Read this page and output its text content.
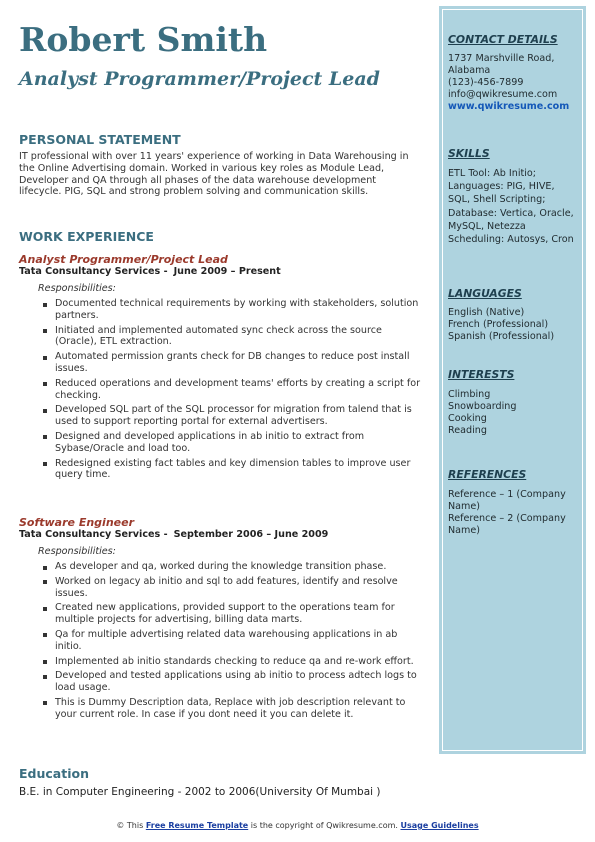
Robert Smith
Analyst Programmer/Project Lead
PERSONAL STATEMENT
IT professional with over 11 years' experience of working in Data Warehousing in the Online Advertising domain. Worked in various key roles as Module Lead, Developer and QA through all phases of the data warehouse development lifecycle. PIG, SQL and strong problem solving and communication skills.
WORK EXPERIENCE
Analyst Programmer/Project Lead
Tata Consultancy Services - June 2009 – Present
Responsibilities:
Documented technical requirements by working with stakeholders, solution partners.
Initiated and implemented automated sync check across the source (Oracle), ETL extraction.
Automated permission grants check for DB changes to reduce post install issues.
Reduced operations and development teams' efforts by creating a script for checking.
Developed SQL part of the SQL processor for migration from talend that is used to support reporting portal for external advertisers.
Designed and developed applications in ab initio to extract from Sybase/Oracle and load too.
Redesigned existing fact tables and key dimension tables to improve user query time.
Software Engineer
Tata Consultancy Services - September 2006 – June 2009
Responsibilities:
As developer and qa, worked during the knowledge transition phase.
Worked on legacy ab initio and sql to add features, identify and resolve issues.
Created new applications, provided support to the operations team for multiple projects for advertising, billing data marts.
Qa for multiple advertising related data warehousing applications in ab initio.
Implemented ab initio standards checking to reduce qa and re-work effort.
Developed and tested applications using ab initio to process adtech logs to load usage.
This is Dummy Description data, Replace with job description relevant to your current role. In case if you dont need it you can delete it.
Education
B.E. in Computer Engineering - 2002 to 2006(University Of Mumbai )
CONTACT DETAILS
1737 Marshville Road,
Alabama
(123)-456-7899
info@qwikresume.com
www.qwikresume.com
SKILLS
ETL Tool: Ab Initio; Languages: PIG, HIVE, SQL, Shell Scripting; Database: Vertica, Oracle, MySQL, Netezza Scheduling: Autosys, Cron
LANGUAGES
English (Native)
French (Professional)
Spanish (Professional)
INTERESTS
Climbing
Snowboarding
Cooking
Reading
REFERENCES
Reference – 1 (Company Name)
Reference – 2 (Company Name)
© This Free Resume Template is the copyright of Qwikresume.com. Usage Guidelines
